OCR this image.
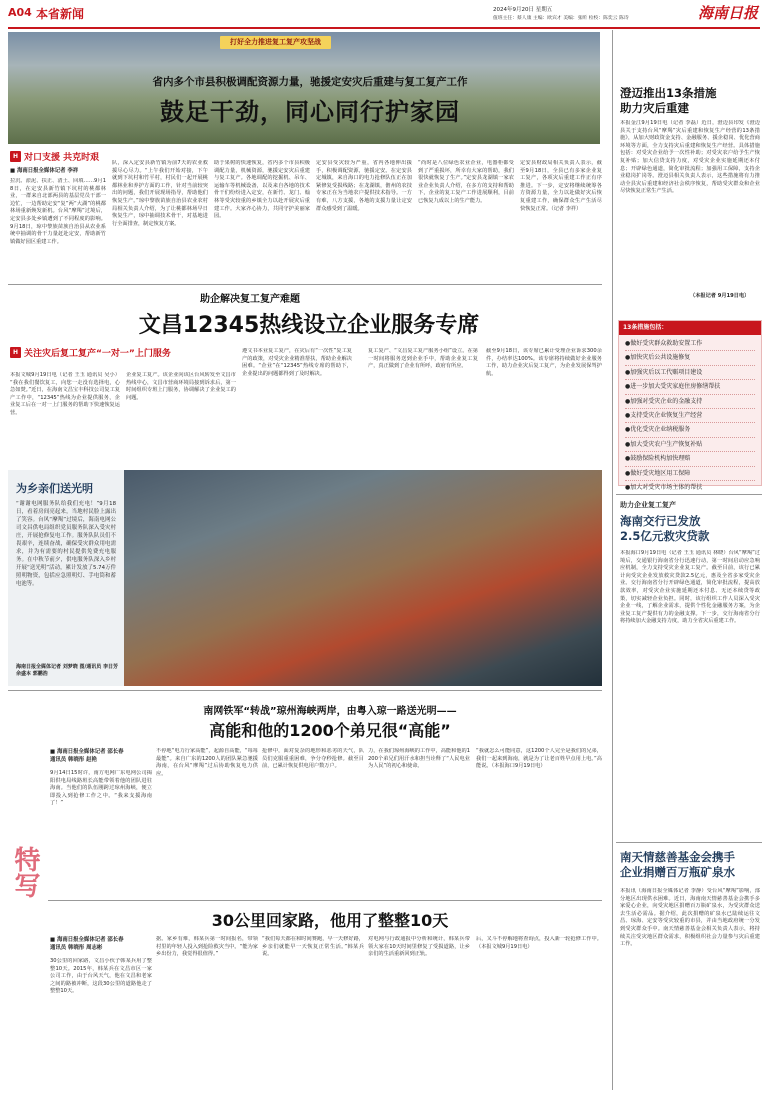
A04 本省新闻	2024年9月20日 星期五
值班主任：蔡人康 主编：欧宾才 美编：张昕 检校：陈奕云 陈诗	海南日报
打好全力推进复工复产攻坚战
省内多个市县积极调配资源力量，驰援定安灾后重建与复工复产工作
鼓足干劲，同心同行护家园
H 对口支援 共克时艰
■ 海南日报全媒体记者 李祥
拉沉、淤泥、扶正、清土、回填……9月18日，在定安县新竹镇下坑村的桃都林业，一群来自北部两县的基层党员干部一边忙，一边帮助定安“复”两“大湖”的桃都林场重新焕发新机。台风“摩羯”过境后，定安县多处乡镇遭到了不同程度的影响。9月18日，琼中黎族苗族自治县从农业系统中抽调的骨干力量赶赴定安，帮助新竹镇做好园区重建工作。
队，深入定安县新竹镇为前7天的农业救援尽心尽力。“上午我们开始对接，下午就到下坑村和竹平村，村民们一起开展桃都林业和养护方面的工作，针对当前较突出的问题，我们开展现场指导，帮助他们恢复生产。”琼中黎族苗族自治县农业农村局相关负责人介绍，为了让桃都林场早日恢复生产，琼中抽调技术骨干，对基地进行全面排查，制定恢复方案。
助于果树的快速恢复，省内多个市县积极调配力量，机械资源，驰援定安灾后重建与复工复产。各地调配的挖掘机、吊车、运输车等机械设备，以及来自各地的技术骨干们纷纷进入定安，在新竹、龙门、翰林等受灾较重的乡镇全力以赴开展灾后重建工作。大家齐心协力，共同守护美丽家园。
定安县受灾较为严重，省内各地伸出援手，积极调配资源，驰援定安。在定安县定城镇，来自海口的电力抢修队伍正在加紧修复受损线路；在龙湖镇，儋州的农技专家正在为当地农户提供技术指导。一方有难，八方支援，各地的支援力量让定安群众感受到了温暖。
“尚时是八位绿色农业企业，电器柜都受到了严重损坏，所幸有大家的帮助，我们很快就恢复了生产。”定安县龙湖镇一家农业企业负责人介绍，在多方的支持和帮助下，企业的复工复产工作进展顺利，目前已恢复九成以上的生产能力。
定安县财政局相关负责人表示，截至9月18日，全县已有多家企业复工复产，各项灾后重建工作正有序推进。下一步，定安将继续统筹各方资源力量，全力以赴做好灾后恢复重建工作，确保群众生产生活尽快恢复正常。（记者 李祥）
澄迈推出13条措施
助力灾后重建
本报金江9月19日电（记者 李磊）近日，澄迈县印发《澄迈县关于支持台风“摩羯”灾后重建和恢复生产经营的13条措施》，从加大财政资金支持、金融服务、援企稳岗、优化营商环境等方面，全力支持灾后重建和恢复生产经营。具体措施包括：对受灾企业给予一次性补助；对受灾农户给予生产恢复补贴；加大信贷支持力度，对受灾企业实施延期还本付息；开辟绿色通道，简化审批流程；加强用工保障，支持企业稳岗扩岗等。澄迈县相关负责人表示，这些措施将有力推动全县灾后重建和经济社会秩序恢复，帮助受灾群众和企业尽快恢复正常生产生活。
（本报记者 9月19日电）
13条措施包括：
●做好受灾群众救助安置工作
●加快灾后公共设施修复
●加强灾后以工代赈项目建设
●进一步加大受灾家庭住房修缮帮扶
●加强对受灾企业的金融支持
●支持受灾企业恢复生产经营
●优化受灾企业纳税服务
●加大受灾农户生产恢复补贴
●鼓励保险机构加快理赔
●做好受灾地区用工保障
●加大对受灾市场主体的帮扶
助企解决复工复产难题
文昌12345热线设立企业服务专席
H 关注灾后复工复产“一对一”上门服务
本报文城9月19日电（记者 王玉 通讯员 吴小） “我在我们餐饮复工，向您一走没有选择电，心急如焚。”近日，在海南文昌宝丰科技公司复工复产工作中，“12345”热线为企业提供服务，企业复工后在一对一上门服务的帮助下快速恢复运营。
企业复工复产。该企业向该区台风转发至文昌市热线中心，文昌市营商环境局接到诉求后，第一时间组织专班上门服务，协调解决了企业复工的问题。
遵文书本业复工复产，在灾后有“一次性”复工复产的政策，对受灾企业精准帮扶，帮助企业解决困难。“企业”在“12345”热线专席的帮助下，企业提出的问题都得到了及时解决。
复工复产、“文昌复工复产服务小组”设立。在第一时间将服务送到企业手中，帮助企业复工复产，真正做到了企业有所呼，政府有所应。
截至9月18日，该专席已累计受理企业诉求300余件，办结率达100%。该专席将持续做好企业服务工作，助力企业灾后复工复产，为企业发展保驾护航。
为乡亲们送光明
“谢谢电网服务队给我们充电！”9月18日，看着房间亮起来，当地村民脸上露出了笑容。台风“摩羯”过境后，海南电网公司文昌供电局组织党员服务队深入受灾村庄，开展抢修复电工作。服务队队员们不畏艰辛，连续奋战，确保受灾群众用电需求，并为有需要的村民提供免费充电服务。在中秋节前夕，供电服务队深入乡村开展“送光明”活动，累计发放了5.74万件照明物资，包括应急照明灯、手电筒和蓄电池等。
海南日报全媒体记者 刘梦晓 图/通讯员 李日芳 余盛本 郭鹏浩
南网铁军“转战”琼州海峡两岸，由粤入琼一路送光明——
高能和他的1200个弟兄很“高能”
特写
■ 海南日报全媒体记者 邵长春
通讯员 韩晓彤 赵艳
9月14日15时许，南方电网广东电网公司揭阳供电局线路班长高能带领着他的团队进驻海南。当他们的队伍刚跨过琼州海峡，便立即投入到抢修工作之中。“我来支援海南了！”
不停地“电力行家高能”，起源自高能，“每每最能”。来自广东的1200人的团队紧急驰援海南，在台风“摩羯”过后协助恢复电力供应。
抢修中，面对复杂的地形和恶劣的天气，队员们克服重重困难，争分夺秒抢修。截至目前，已累计恢复供电用户数万户。
力，在我们琼州海峡的工作中，高能和他的1200个弟兄们用汗水和担当诠释了“人民电业为人民”的初心和使命。
“我就怎么可能同意，这1200个人完全是我们的兄弟，我们一起来到海南，就是为了让老百姓早点用上电。”高能说。（本报海口9月19日电）
30公里回家路，他用了整整10天
■ 海南日报全媒体记者 邵长春
通讯员 韩晓彤 周志彬
30公里的回家路，文昌小伙子韩某兵用了整整10天。2015年，韩某兵在文昌市区一家公司工作，由于台风天气，他在文昌和老家之间的路被冲断，这段30公里的道路他走了整整10天。
据。家乡有难，韩某兵第一时间报名，带领村里的年轻人投入到抢险救灾当中。“能为家乡出份力，我觉得很值得。”
“我们每天都在和时间赛跑，早一天修好路，乡亲们就能早一天恢复正常生活。”韩某兵说。
对电网与行政通报中分析和统计，韩某兵带领大家在10天时间里修复了受损道路，让乡亲们的生活重新回到正轨。
后，又斗不停解地将查询点，投入新一轮抢修工作中。（本报文城9月19日电）
助力企业复工复产
海南交行已发放
2.5亿元救灾贷款
本报海口9月19日电（记者 王玉 通讯员 林晓）台风“摩羯”过境后，交通银行海南省分行迅速行动，第一时间启动应急响应机制，全力支持受灾企业复工复产。截至目前，该行已累计向受灾企业发放救灾贷款2.5亿元，惠及全省多家受灾企业。交行海南省分行开辟绿色通道，简化审批流程，提高放款效率，对受灾企业实施延期还本付息、无还本续贷等政策，切实减轻企业负担。同时，该行组织工作人员深入受灾企业一线，了解企业需求，提供个性化金融服务方案，为企业复工复产提供有力的金融支撑。下一步，交行海南省分行将持续加大金融支持力度，助力全省灾后重建工作。
南天情慈善基金会携手
企业捐赠百万瓶矿泉水
本报讯（海南日报全媒体记者 李静）受台风“摩羯”影响，部分地区出现供水困难。近日，海南南天情慈善基金会携手多家爱心企业，向受灾地区捐赠百万瓶矿泉水，为受灾群众送去生活必需品。据介绍，此次捐赠的矿泉水已陆续运往文昌、琼海、定安等受灾较重的市县，并由当地政府统一分发到受灾群众手中。南天情慈善基金会相关负责人表示，将持续关注受灾地区群众需求，积极组织社会力量参与灾后重建工作。
